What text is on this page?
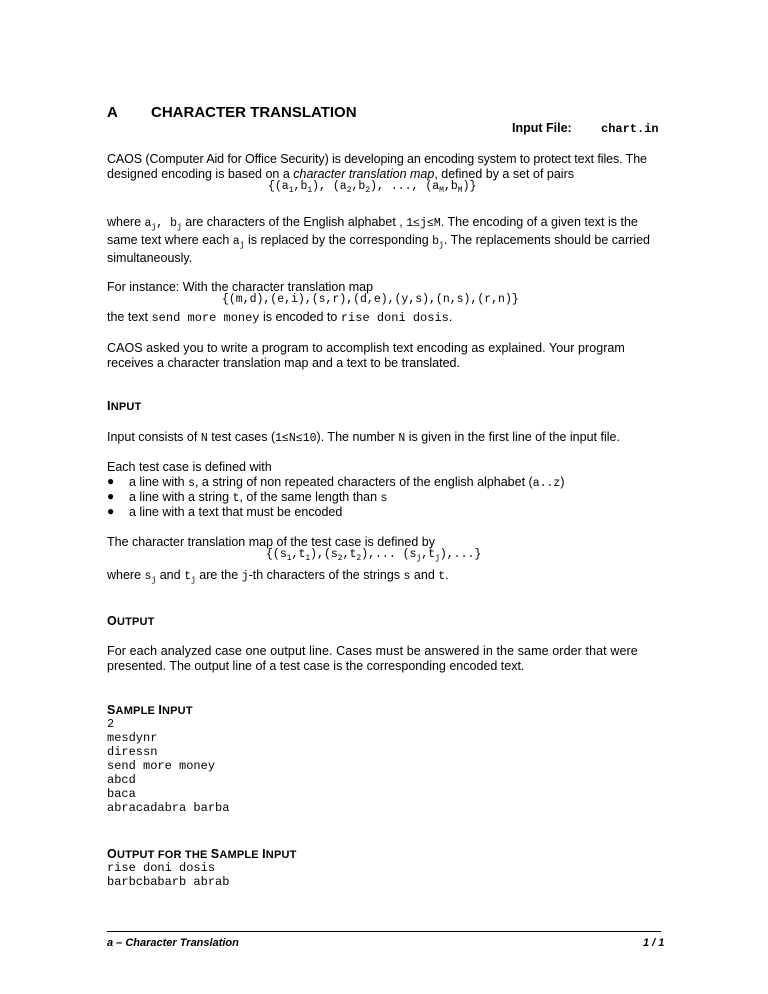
A CHARACTER TRANSLATION
Input File: chart.in
CAOS (Computer Aid for Office Security) is developing an encoding system to protect text files. The
designed encoding is based on a character translation map, defined by a set of pairs
{$(a_1,b_1)$, $(a_2,b_2)$, ..., $(a_M,b_M)$}
where $a_j$, $b_j$ are characters of the English alphabet , 1≤j≤M. The encoding of a given text is the
same text where each $a_j$ is replaced by the corresponding $b_j$. The replacements should be carried
simultaneously.
For instance: With the character translation map
{(m,d),(e,i),(s,r),(d,e),(y,s),(n,s),(r,n)}
the text send more money is encoded to rise doni dosis.
CAOS asked you to write a program to accomplish text encoding as explained. Your program
receives a character translation map and a text to be translated.
INPUT
Input consists of N test cases (1≤N≤10). The number N is given in the first line of the input file.
Each test case is defined with
● a line with s, a string of non repeated characters of the english alphabet (a..z)
● a line with a string t, of the same length than s
● a line with a text that must be encoded
The character translation map of the test case is defined by
{$(s_1,t_1),(s_2,t_2)$,... $(s_j,t_j)$,...}
where $s_j$ and $t_j$ are the j-th characters of the strings s and t.
OUTPUT
For each analyzed case one output line. Cases must be answered in the same order that were
presented. The output line of a test case is the corresponding encoded text.
SAMPLE INPUT
2
mesdynr
diressn
send more money
abcd
baca
abracadabra barba
OUTPUT FOR THE SAMPLE INPUT
rise doni dosis
barbcbabarb abrab
a – Character Translation	1 / 1
